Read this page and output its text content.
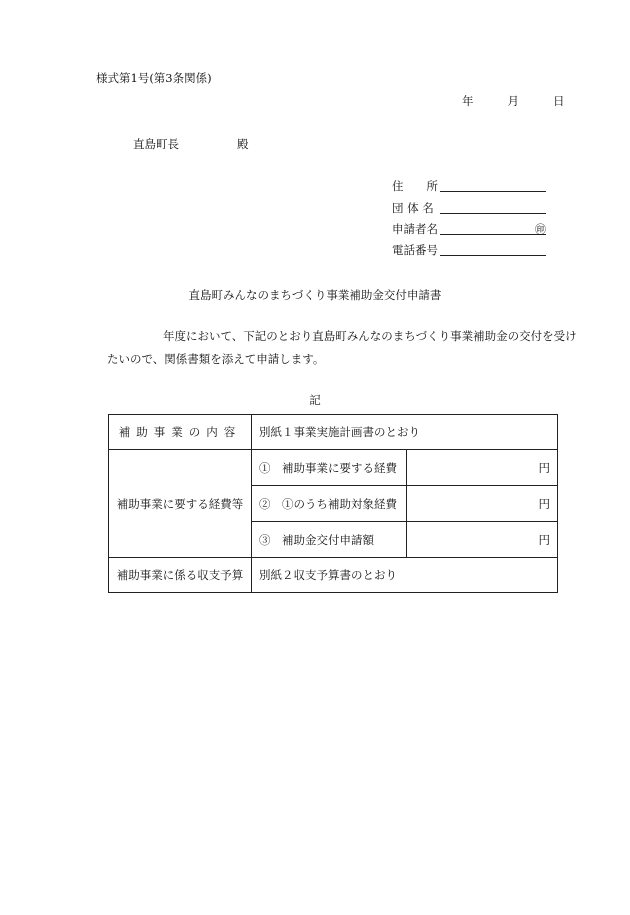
様式第1号(第3条関係)
年	月	日
直島町長	殿
住　　所
団 体 名
申請者名	㊞
電話番号
直島町みんなのまちづくり事業補助金交付申請書
年度において、下記のとおり直島町みんなのまちづくり事業補助金の交付を受けたいので、関係書類を添えて申請します。
記
補助事業の内容	別紙１事業実施計画書のとおり	
補助事業に要する経費等	①　補助事業に要する経費	円
	②　①のうち補助対象経費	円
	③　補助金交付申請額	円
補助事業に係る収支予算	別紙２収支予算書のとおり	
